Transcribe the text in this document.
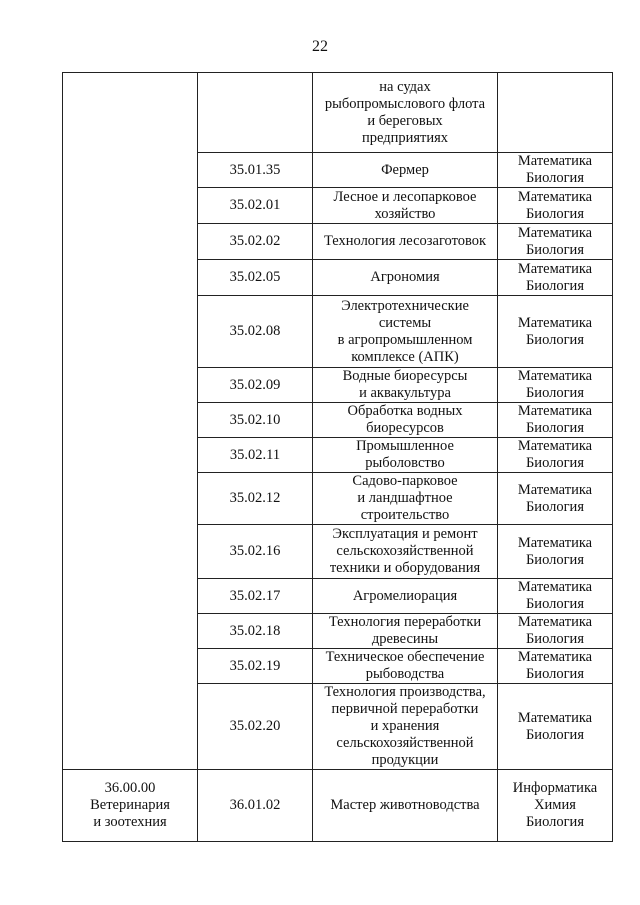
22

		на судах
рыбопромыслового флота
и береговых
предприятиях	

	35.01.35	Фермер	Математика
Биология

	35.02.01	Лесное и лесопарковое
хозяйство	Математика
Биология

	35.02.02	Технология лесозаготовок	Математика
Биология

	35.02.05	Агрономия	Математика
Биология

	35.02.08	Электротехнические
системы
в агропромышленном
комплексе (АПК)	Математика
Биология

	35.02.09	Водные биоресурсы
и аквакультура	Математика
Биология

	35.02.10	Обработка водных
биоресурсов	Математика
Биология

	35.02.11	Промышленное
рыболовство	Математика
Биология

	35.02.12	Садово-парковое
и ландшафтное
строительство	Математика
Биология

	35.02.16	Эксплуатация и ремонт
сельскохозяйственной
техники и оборудования	Математика
Биология

	35.02.17	Агромелиорация	Математика
Биология

	35.02.18	Технология переработки
древесины	Математика
Биология

	35.02.19	Техническое обеспечение
рыбоводства	Математика
Биология

	35.02.20	Технология производства,
первичной переработки
и хранения
сельскохозяйственной
продукции	Математика
Биология

36.00.00
Ветеринария
и зоотехния	36.01.02	Мастер животноводства	Информатика
Химия
Биология
